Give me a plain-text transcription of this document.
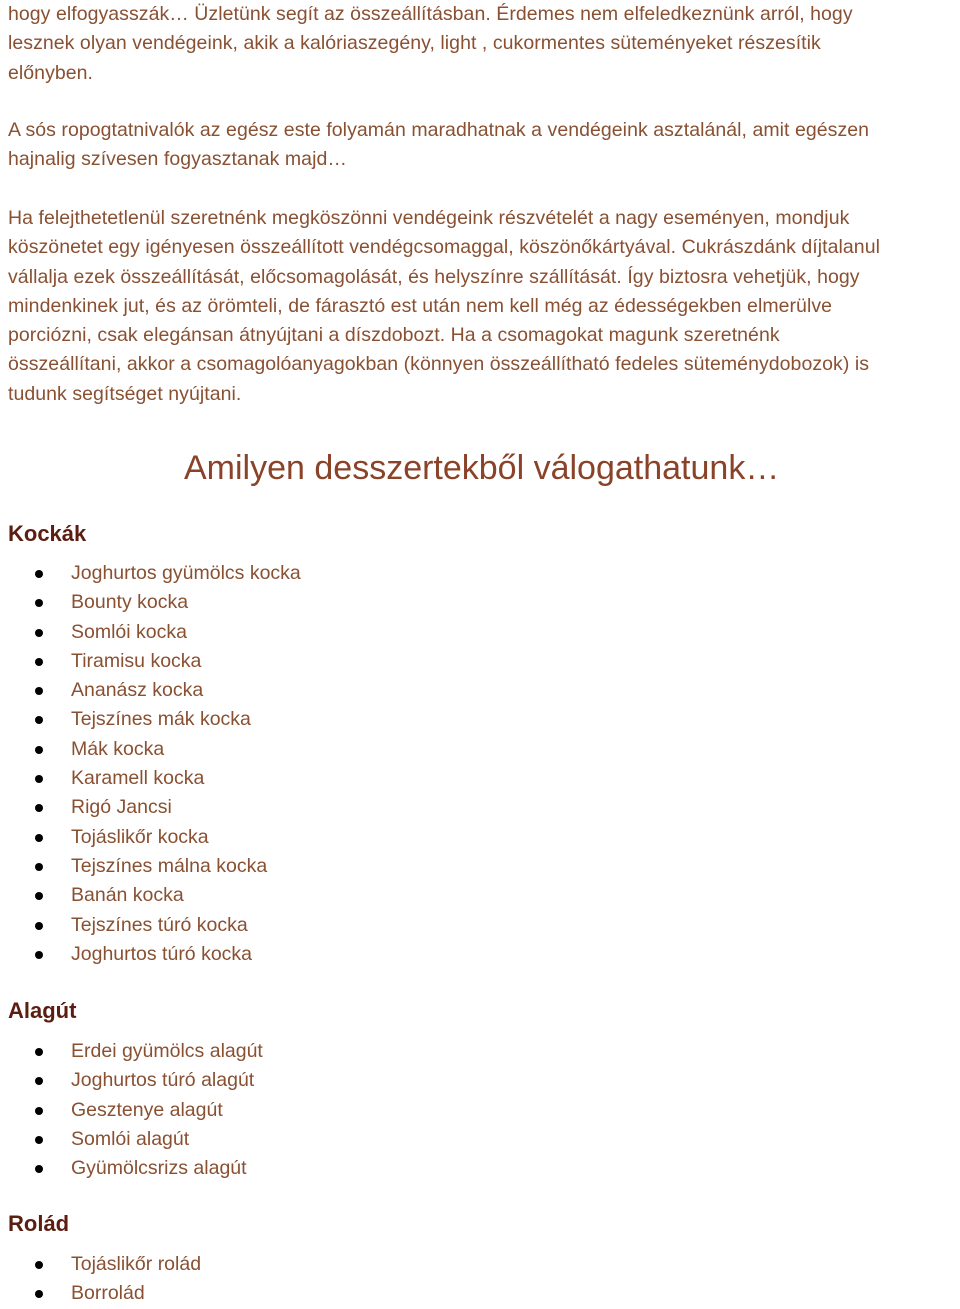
hogy elfogyasszák… Üzletünk segít az összeállításban. Érdemes nem elfeledkeznünk arról, hogy
lesznek olyan vendégeink, akik a kalóriaszegény, light , cukormentes süteményeket részesítik
előnyben.

A sós ropogtatnivalók az egész este folyamán maradhatnak a vendégeink asztalánál, amit egészen
hajnalig szívesen fogyasztanak majd…

Ha felejthetetlenül szeretnénk megköszönni vendégeink részvételét a nagy eseményen, mondjuk
köszönetet egy igényesen összeállított vendégcsomaggal, köszönőkártyával. Cukrászdánk díjtalanul
vállalja ezek összeállítását, előcsomagolását, és helyszínre szállítását. Így biztosra vehetjük, hogy
mindenkinek jut, és az örömteli, de fárasztó est után nem kell még az édességekben elmerülve
porciózni, csak elegánsan átnyújtani a díszdobozt. Ha a csomagokat magunk szeretnénk
összeállítani, akkor a csomagolóanyagokban (könnyen összeállítható fedeles süteménydobozok) is
tudunk segítséget nyújtani.

Amilyen desszertekből válogathatunk…
Kockák
Joghurtos gyümölcs kocka
Bounty kocka
Somlói kocka
Tiramisu kocka
Ananász kocka
Tejszínes mák kocka
Mák kocka
Karamell kocka
Rigó Jancsi
Tojáslikőr kocka
Tejszínes málna kocka
Banán kocka
Tejszínes túró kocka
Joghurtos túró kocka
Alagút
Erdei gyümölcs alagút
Joghurtos túró alagút
Gesztenye alagút
Somlói alagút
Gyümölcsrizs alagút
Rolád
Tojáslikőr rolád
Borrolád
